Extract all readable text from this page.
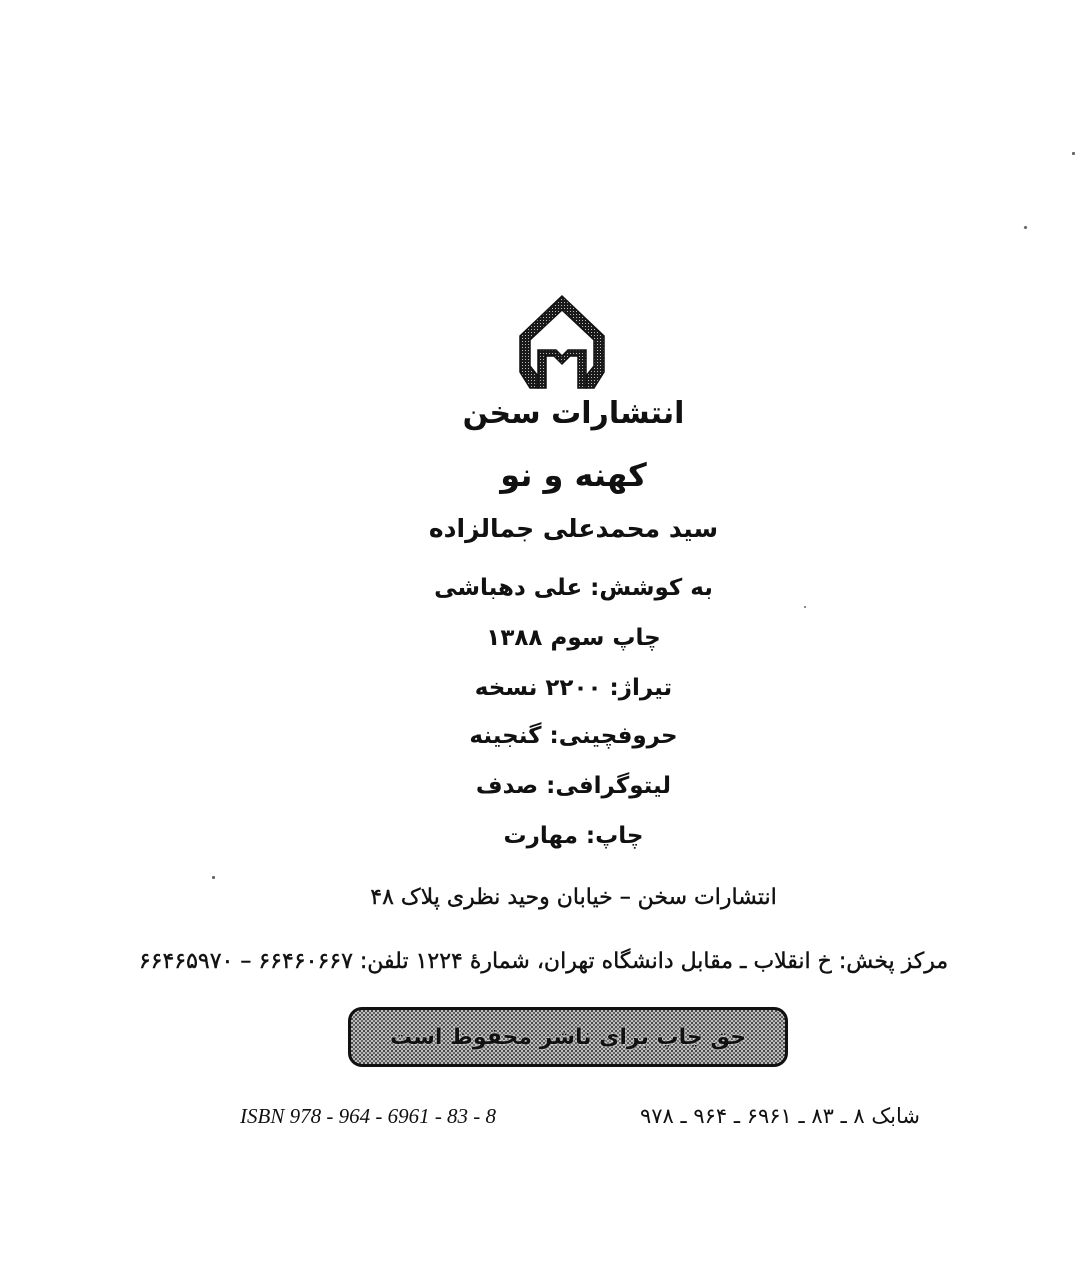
انتشارات سخن
کهنه و نو
سید محمدعلی جمالزاده
به کوشش: علی دهباشی
چاپ سوم ۱۳۸۸
تیراژ: ۲۲۰۰ نسخه
حروفچینی: گنجینه
لیتوگرافی: صدف
چاپ: مهارت
انتشارات سخن – خیابان وحید نظری پلاک ۴۸
مرکز پخش: خ انقلاب ـ مقابل دانشگاه تهران، شمارهٔ ۱۲۲۴ تلفن: ۶۶۴۶۰۶۶۷ – ۶۶۴۶۵۹۷۰
حق چاپ برای ناشر محفوظ است
ISBN 978 - 964 - 6961 - 83 - 8	شابک ۸ ـ ۸۳ ـ ۶۹۶۱ ـ ۹۶۴ ـ ۹۷۸
